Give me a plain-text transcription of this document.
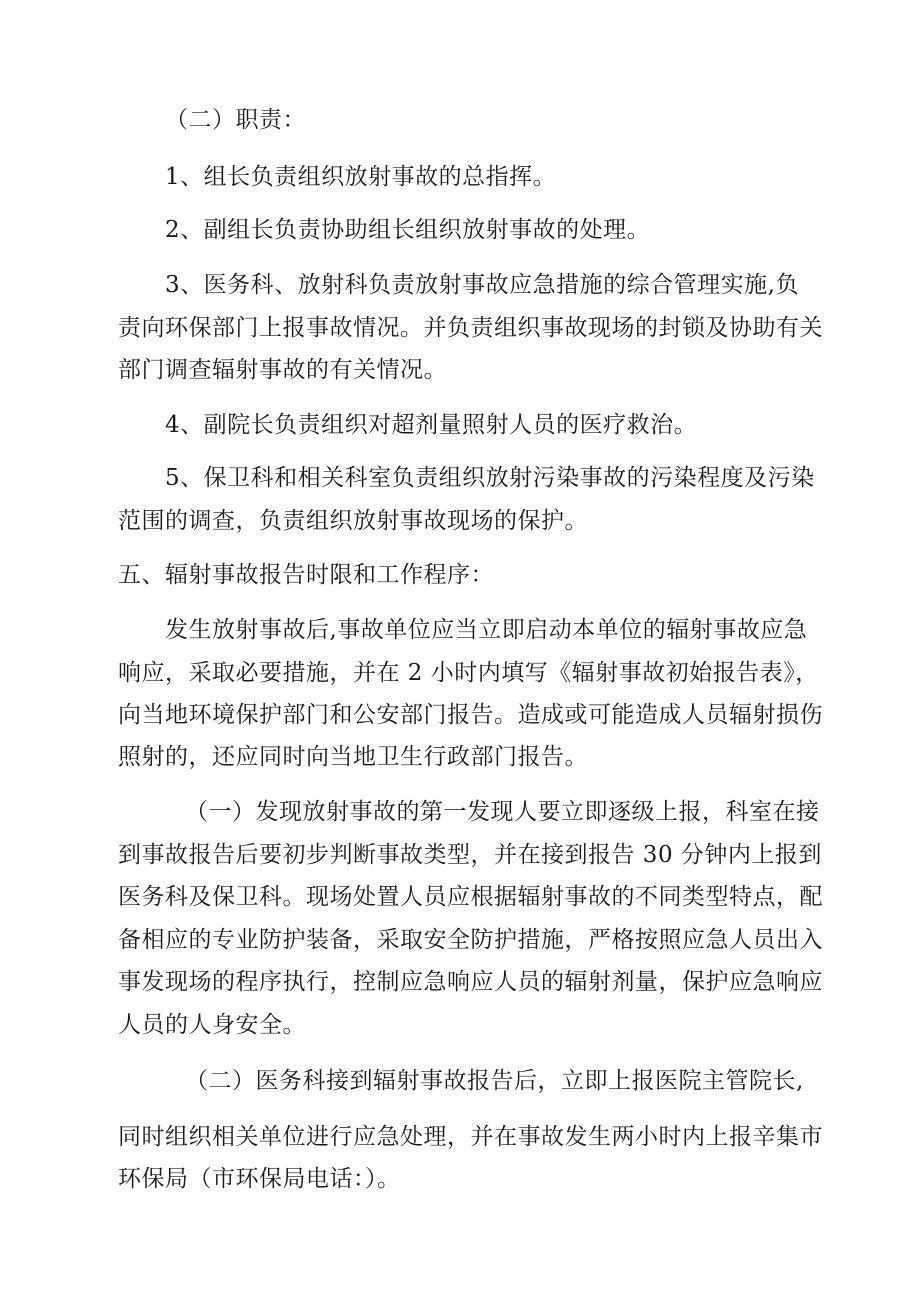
（二）职责：
1、组长负责组织放射事故的总指挥。
2、副组长负责协助组长组织放射事故的处理。
3、医务科、放射科负责放射事故应急措施的综合管理实施,负
责向环保部门上报事故情况。并负责组织事故现场的封锁及协助有关
部门调查辐射事故的有关情况。
4、副院长负责组织对超剂量照射人员的医疗救治。
5、保卫科和相关科室负责组织放射污染事故的污染程度及污染
范围的调查，负责组织放射事故现场的保护。
五、辐射事故报告时限和工作程序：
发生放射事故后,事故单位应当立即启动本单位的辐射事故应急
响应，采取必要措施，并在 2 小时内填写《辐射事故初始报告表》，
向当地环境保护部门和公安部门报告。造成或可能造成人员辐射损伤
照射的，还应同时向当地卫生行政部门报告。
（一）发现放射事故的第一发现人要立即逐级上报，科室在接
到事故报告后要初步判断事故类型，并在接到报告 30 分钟内上报到
医务科及保卫科。现场处置人员应根据辐射事故的不同类型特点，配
备相应的专业防护装备，采取安全防护措施，严格按照应急人员出入
事发现场的程序执行，控制应急响应人员的辐射剂量，保护应急响应
人员的人身安全。
（二）医务科接到辐射事故报告后，立即上报医院主管院长,
同时组织相关单位进行应急处理，并在事故发生两小时内上报辛集市
环保局（市环保局电话：）。
